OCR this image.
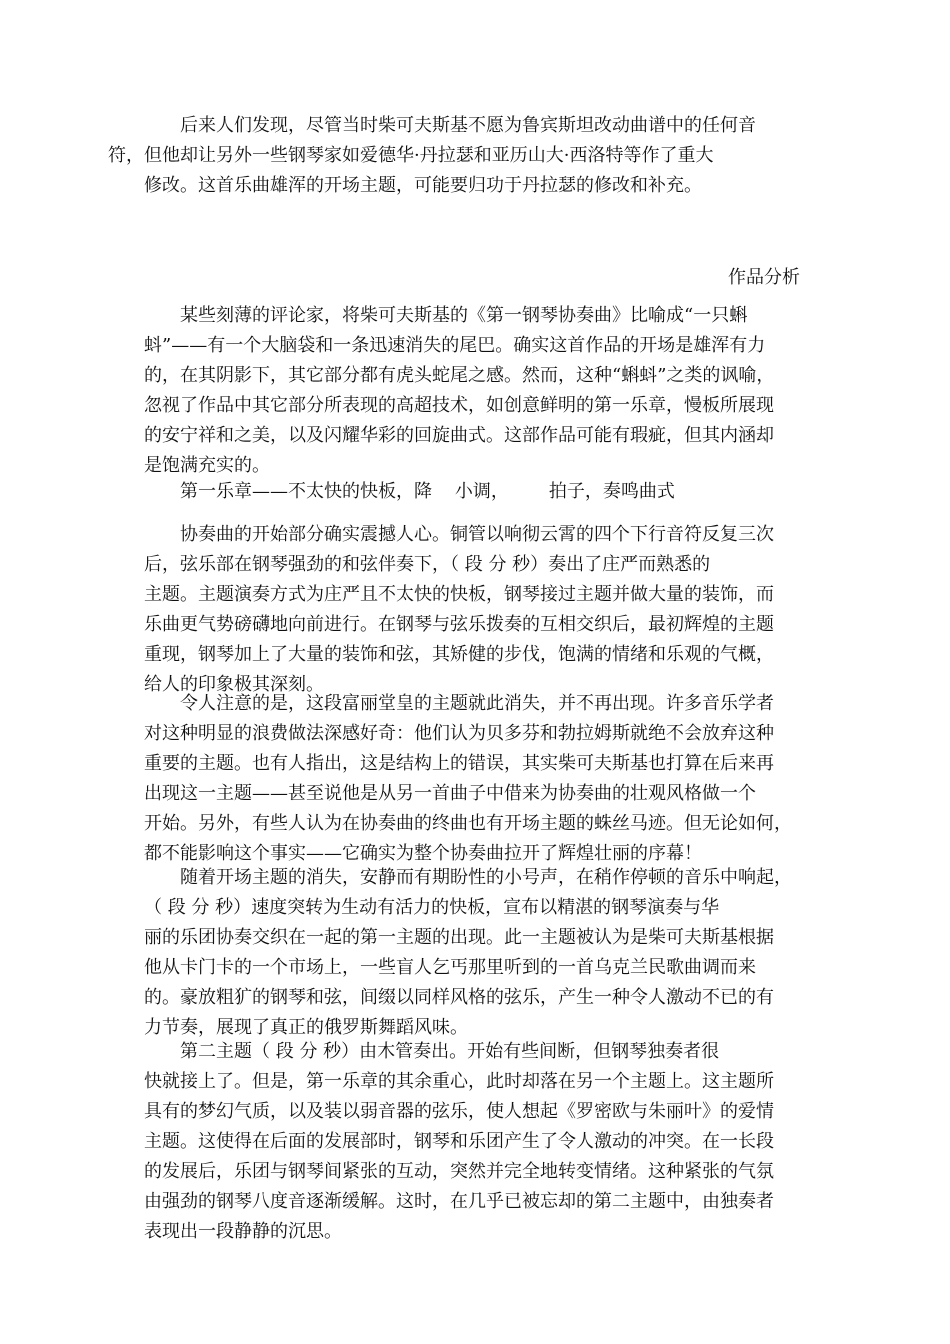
后来人们发现，尽管当时柴可夫斯基不愿为鲁宾斯坦改动曲谱中的任何音
符，但他却让另外一些钢琴家如爱德华·丹拉瑟和亚历山大·西洛特等作了重大
修改。这首乐曲雄浑的开场主题，可能要归功于丹拉瑟的修改和补充。

作品分析

某些刻薄的评论家，将柴可夫斯基的《第一钢琴协奏曲》比喻成“一只蝌
蚪”——有一个大脑袋和一条迅速消失的尾巴。确实这首作品的开场是雄浑有力
的，在其阴影下，其它部分都有虎头蛇尾之感。然而，这种“蝌蚪”之类的讽喻，
忽视了作品中其它部分所表现的高超技术，如创意鲜明的第一乐章，慢板所展现
的安宁祥和之美，以及闪耀华彩的回旋曲式。这部作品可能有瑕疵，但其内涵却
是饱满充实的。

第一乐章——不太快的快板，降    小调，       拍子，奏鸣曲式

协奏曲的开始部分确实震撼人心。铜管以响彻云霄的四个下行音符反复三次
后，弦乐部在钢琴强劲的和弦伴奏下，（ 段 分 秒）奏出了庄严而熟悉的
主题。主题演奏方式为庄严且不太快的快板，钢琴接过主题并做大量的装饰，而
乐曲更气势磅礴地向前进行。在钢琴与弦乐拨奏的互相交织后，最初辉煌的主题
重现，钢琴加上了大量的装饰和弦，其矫健的步伐，饱满的情绪和乐观的气概，
给人的印象极其深刻。

令人注意的是，这段富丽堂皇的主题就此消失，并不再出现。许多音乐学者
对这种明显的浪费做法深感好奇：他们认为贝多芬和勃拉姆斯就绝不会放弃这种
重要的主题。也有人指出，这是结构上的错误，其实柴可夫斯基也打算在后来再
出现这一主题——甚至说他是从另一首曲子中借来为协奏曲的壮观风格做一个
开始。另外，有些人认为在协奏曲的终曲也有开场主题的蛛丝马迹。但无论如何，
都不能影响这个事实——它确实为整个协奏曲拉开了辉煌壮丽的序幕！

随着开场主题的消失，安静而有期盼性的小号声，在稍作停顿的音乐中响起，
（ 段 分 秒）速度突转为生动有活力的快板，宣布以精湛的钢琴演奏与华
丽的乐团协奏交织在一起的第一主题的出现。此一主题被认为是柴可夫斯基根据
他从卡门卡的一个市场上，一些盲人乞丐那里听到的一首乌克兰民歌曲调而来
的。豪放粗犷的钢琴和弦，间缀以同样风格的弦乐，产生一种令人激动不已的有
力节奏，展现了真正的俄罗斯舞蹈风味。

第二主题（ 段 分 秒）由木管奏出。开始有些间断，但钢琴独奏者很
快就接上了。但是，第一乐章的其余重心，此时却落在另一个主题上。这主题所
具有的梦幻气质，以及装以弱音器的弦乐，使人想起《罗密欧与朱丽叶》的爱情
主题。这使得在后面的发展部时，钢琴和乐团产生了令人激动的冲突。在一长段
的发展后，乐团与钢琴间紧张的互动，突然并完全地转变情绪。这种紧张的气氛
由强劲的钢琴八度音逐渐缓解。这时，在几乎已被忘却的第二主题中，由独奏者
表现出一段静静的沉思。
